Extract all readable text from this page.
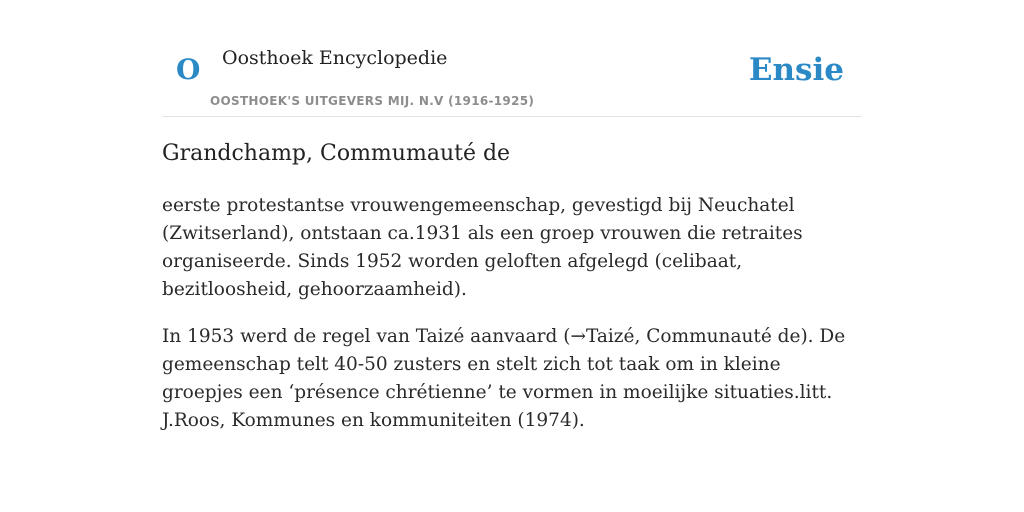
O Oosthoek Encyclopedie
OOSTHOEK'S UITGEVERS MIJ. N.V (1916-1925)
Ensie
Grandchamp, Commumauté de

eerste protestantse vrouwengemeenschap, gevestigd bij Neuchatel (Zwitserland), ontstaan ca.1931 als een groep vrouwen die retraites organiseerde. Sinds 1952 worden geloften afgelegd (celibaat, bezitloosheid, gehoorzaamheid).

In 1953 werd de regel van Taizé aanvaard (→Taizé, Communauté de). De gemeenschap telt 40-50 zusters en stelt zich tot taak om in kleine groepjes een ‘présence chrétienne’ te vormen in moeilijke situaties.litt. J.Roos, Kommunes en kommuniteiten (1974).
